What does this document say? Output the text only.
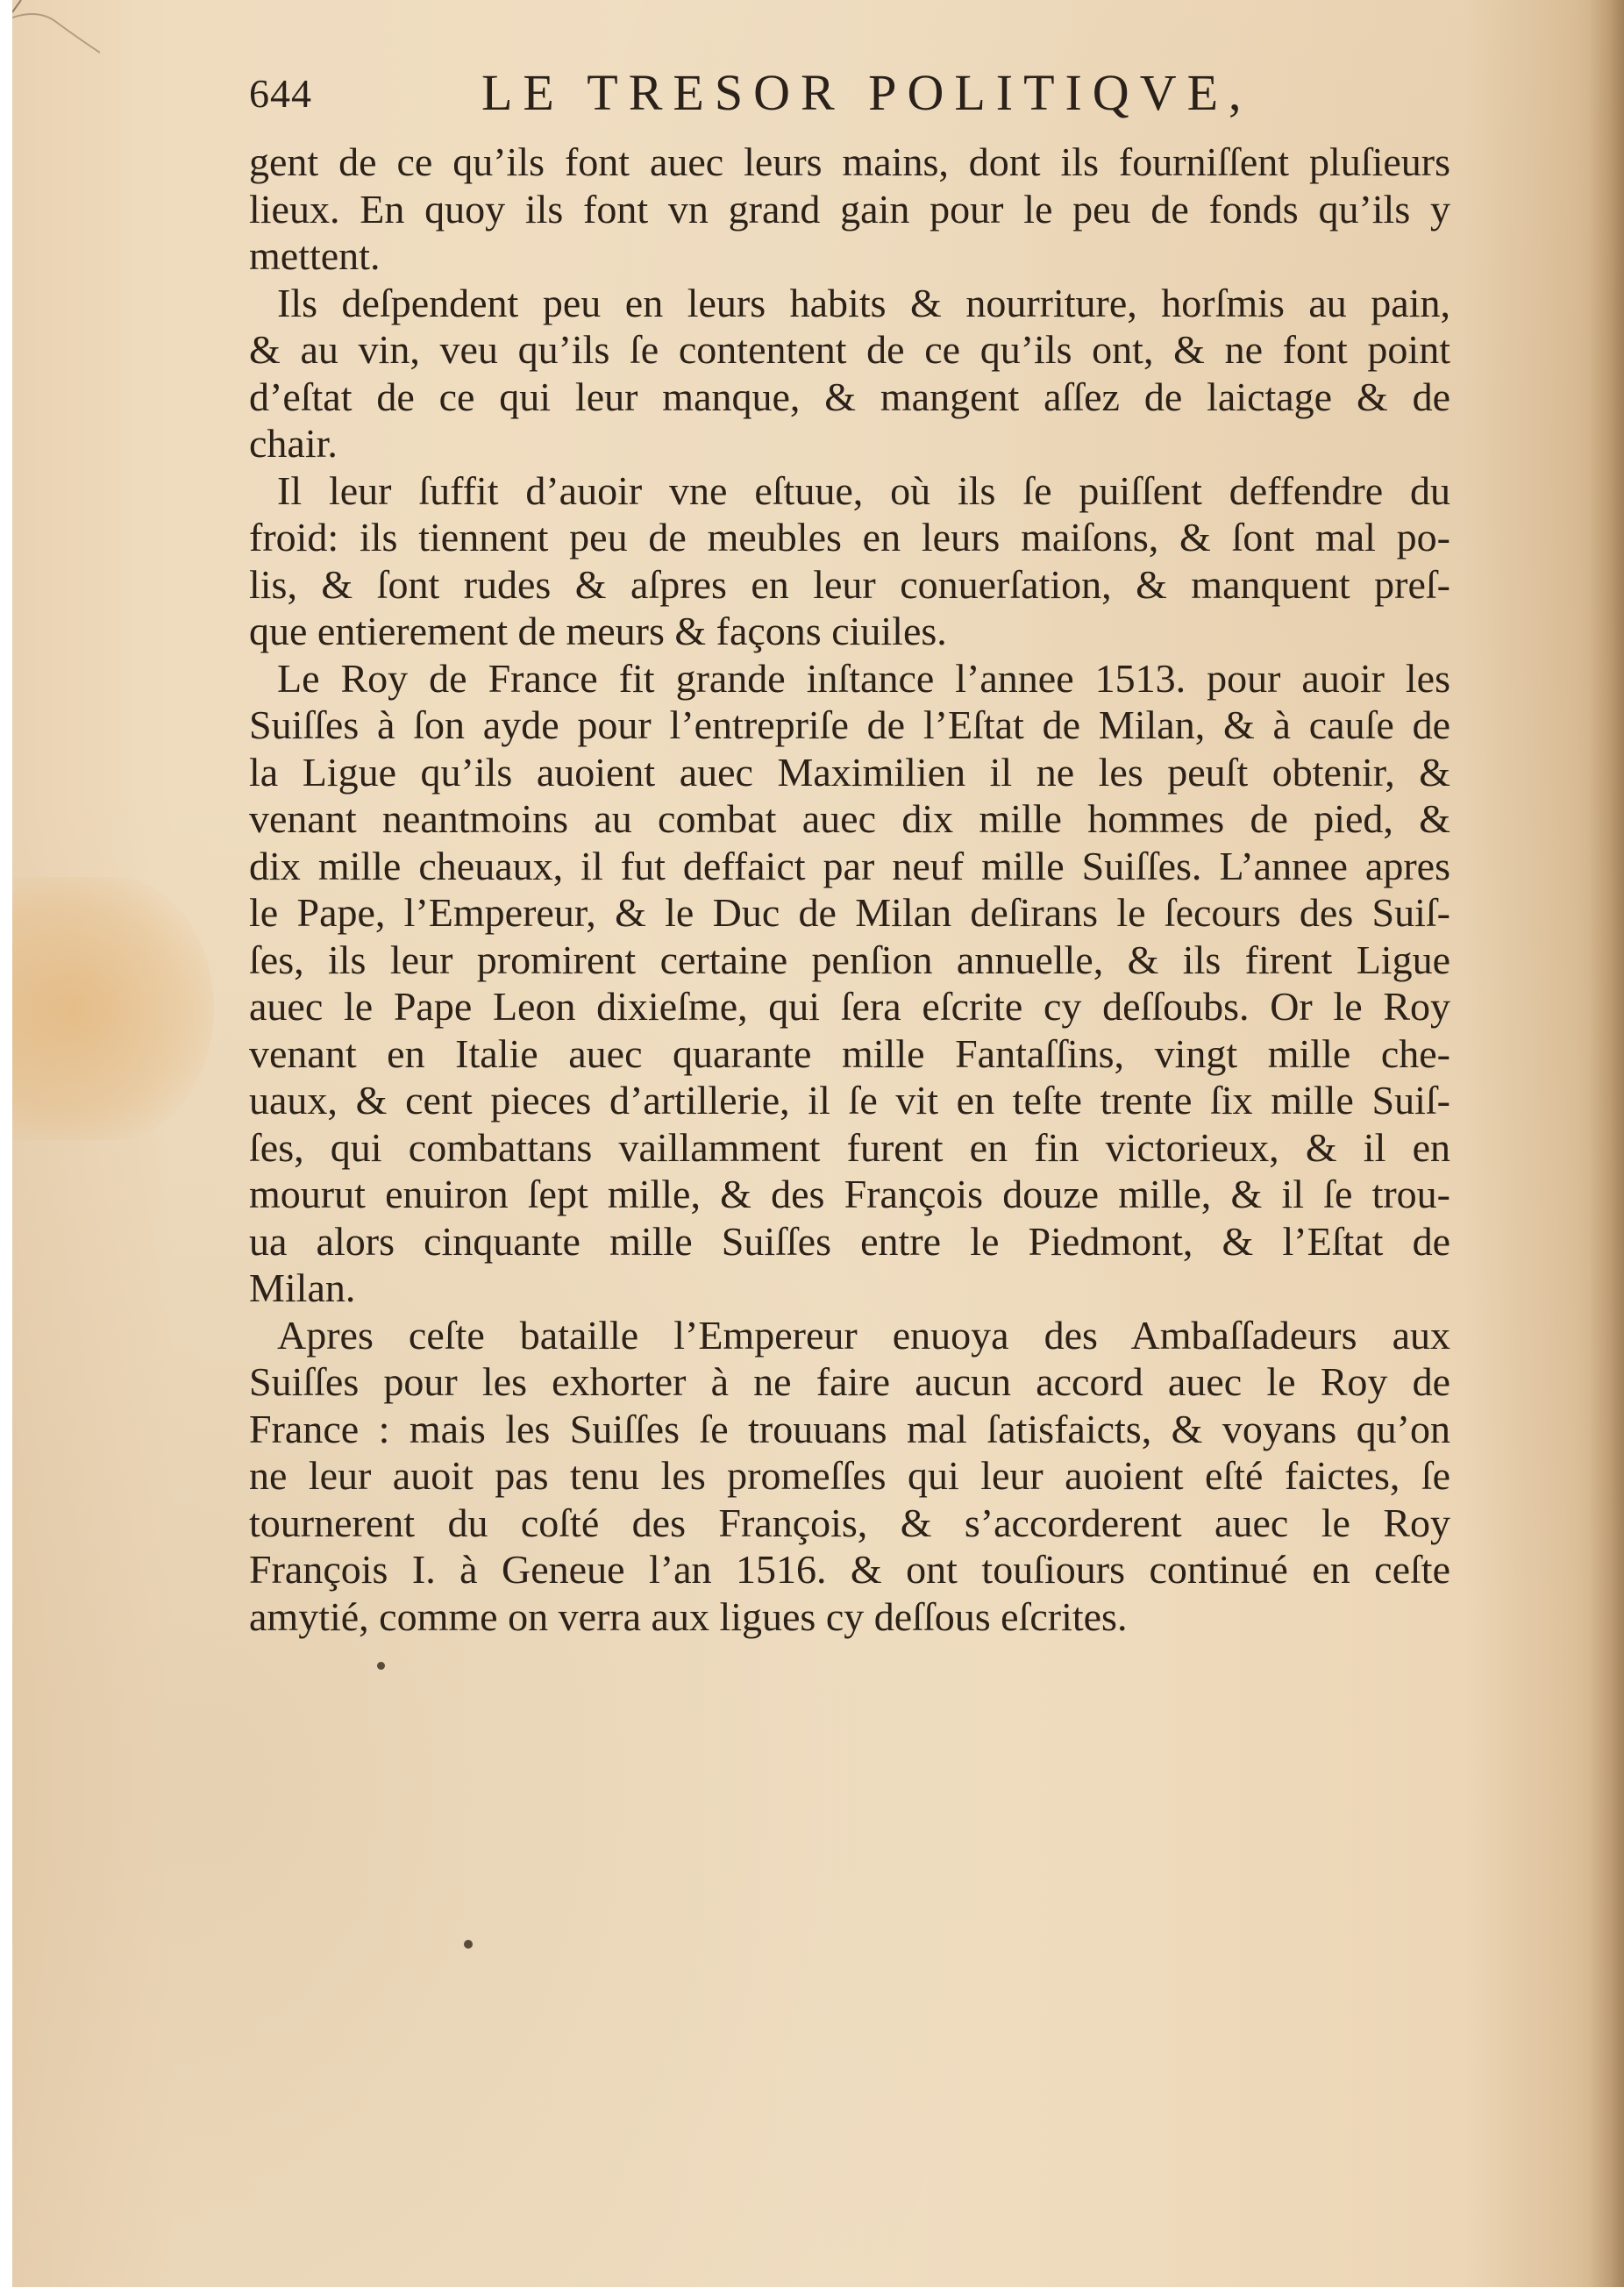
644	LE TRESOR POLITIQVE,
gent de ce qu’ils font auec leurs mains, dont ils fourniſſent pluſieurs
lieux. En quoy ils font vn grand gain pour le peu de fonds qu’ils y
mettent.
Ils deſpendent peu en leurs habits & nourriture, horſmis au pain,
& au vin, veu qu’ils ſe contentent de ce qu’ils ont, & ne font point
d’eſtat de ce qui leur manque, & mangent aſſez de laictage & de
chair.
Il leur ſuffit d’auoir vne eſtuue, où ils ſe puiſſent deffendre du
froid: ils tiennent peu de meubles en leurs maiſons, & ſont mal po-
lis, & ſont rudes & aſpres en leur conuerſation, & manquent preſ-
que entierement de meurs & façons ciuiles.
Le Roy de France fit grande inſtance l’annee 1513. pour auoir les
Suiſſes à ſon ayde pour l’entrepriſe de l’Eſtat de Milan, & à cauſe de
la Ligue qu’ils auoient auec Maximilien il ne les peuſt obtenir, &
venant neantmoins au combat auec dix mille hommes de pied, &
dix mille cheuaux, il fut deffaict par neuf mille Suiſſes. L’annee apres
le Pape, l’Empereur, & le Duc de Milan deſirans le ſecours des Suiſ-
ſes, ils leur promirent certaine penſion annuelle, & ils firent Ligue
auec le Pape Leon dixieſme, qui ſera eſcrite cy deſſoubs. Or le Roy
venant en Italie auec quarante mille Fantaſſins, vingt mille che-
uaux, & cent pieces d’artillerie, il ſe vit en teſte trente ſix mille Suiſ-
ſes, qui combattans vaillamment furent en fin victorieux, & il en
mourut enuiron ſept mille, & des François douze mille, & il ſe trou-
ua alors cinquante mille Suiſſes entre le Piedmont, & l’Eſtat de
Milan.
Apres ceſte bataille l’Empereur enuoya des Ambaſſadeurs aux
Suiſſes pour les exhorter à ne faire aucun accord auec le Roy de
France : mais les Suiſſes ſe trouuans mal ſatisfaicts, & voyans qu’on
ne leur auoit pas tenu les promeſſes qui leur auoient eſté faictes, ſe
tournerent du coſté des François, & s’accorderent auec le Roy
François I. à Geneue l’an 1516. & ont touſiours continué en ceſte
amytié, comme on verra aux ligues cy deſſous eſcrites.
